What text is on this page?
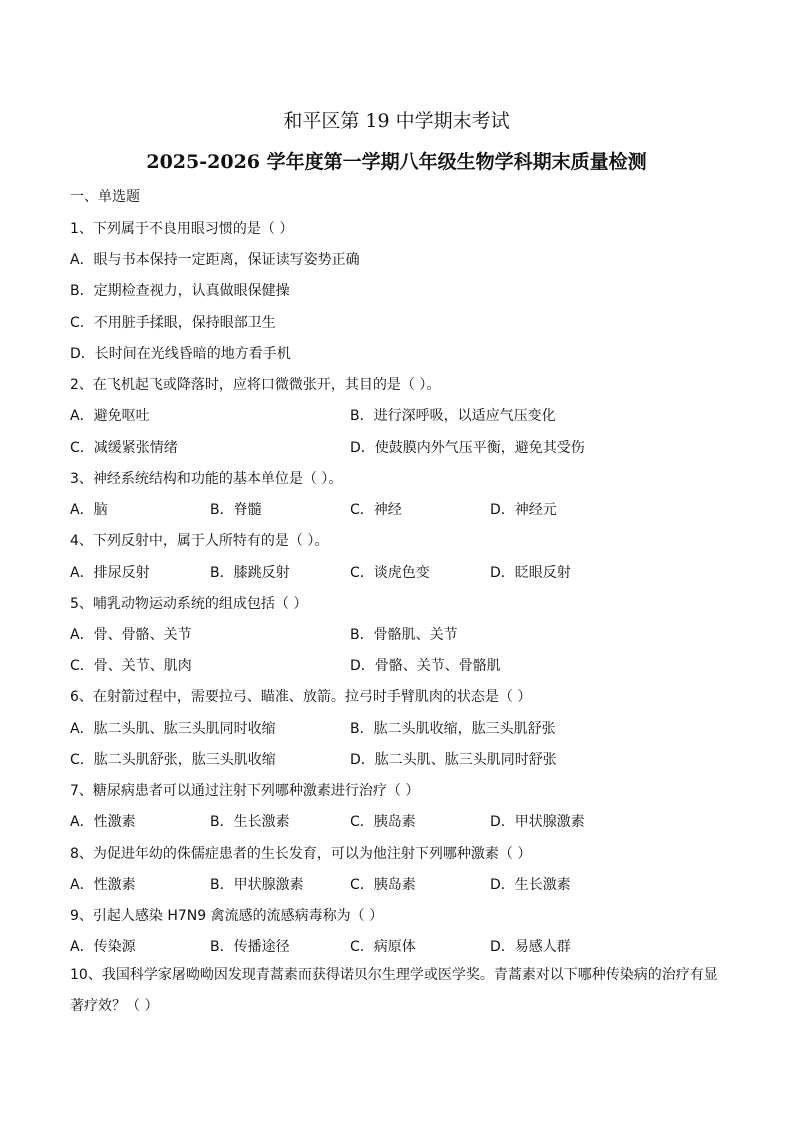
和平区第 19 中学期末考试
2025-2026 学年度第一学期八年级生物学科期末质量检测
一、单选题
1、下列属于不良用眼习惯的是（ ）
A．眼与书本保持一定距离，保证读写姿势正确
B．定期检查视力，认真做眼保健操
C．不用脏手揉眼，保持眼部卫生
D．长时间在光线昏暗的地方看手机
2、在飞机起飞或降落时，应将口微微张开，其目的是（ ）。
A．避免呕吐	B．进行深呼吸，以适应气压变化
C．减缓紧张情绪	D．使鼓膜内外气压平衡，避免其受伤
3、神经系统结构和功能的基本单位是（ ）。
A．脑	B．脊髓	C．神经	D．神经元
4、下列反射中，属于人所特有的是（ ）。
A．排尿反射	B．膝跳反射	C．谈虎色变	D．眨眼反射
5、哺乳动物运动系统的组成包括（ ）
A．骨、骨骼、关节	B．骨骼肌、关节
C．骨、关节、肌肉	D．骨骼、关节、骨骼肌
6、在射箭过程中，需要拉弓、瞄准、放箭。拉弓时手臂肌肉的状态是（ ）
A．肱二头肌、肱三头肌同时收缩	B．肱二头肌收缩，肱三头肌舒张
C．肱二头肌舒张，肱三头肌收缩	D．肱二头肌、肱三头肌同时舒张
7、糖尿病患者可以通过注射下列哪种激素进行治疗（ ）
A．性激素	B．生长激素	C．胰岛素	D．甲状腺激素
8、为促进年幼的侏儒症患者的生长发育，可以为他注射下列哪种激素（ ）
A．性激素	B．甲状腺激素	C．胰岛素	D．生长激素
9、引起人感染 H7N9 禽流感的流感病毒称为（ ）
A．传染源	B．传播途径	C．病原体	D．易感人群
10、我国科学家屠呦呦因发现青蒿素而获得诺贝尔生理学或医学奖。青蒿素对以下哪种传染病的治疗有显著疗效？（ ）
